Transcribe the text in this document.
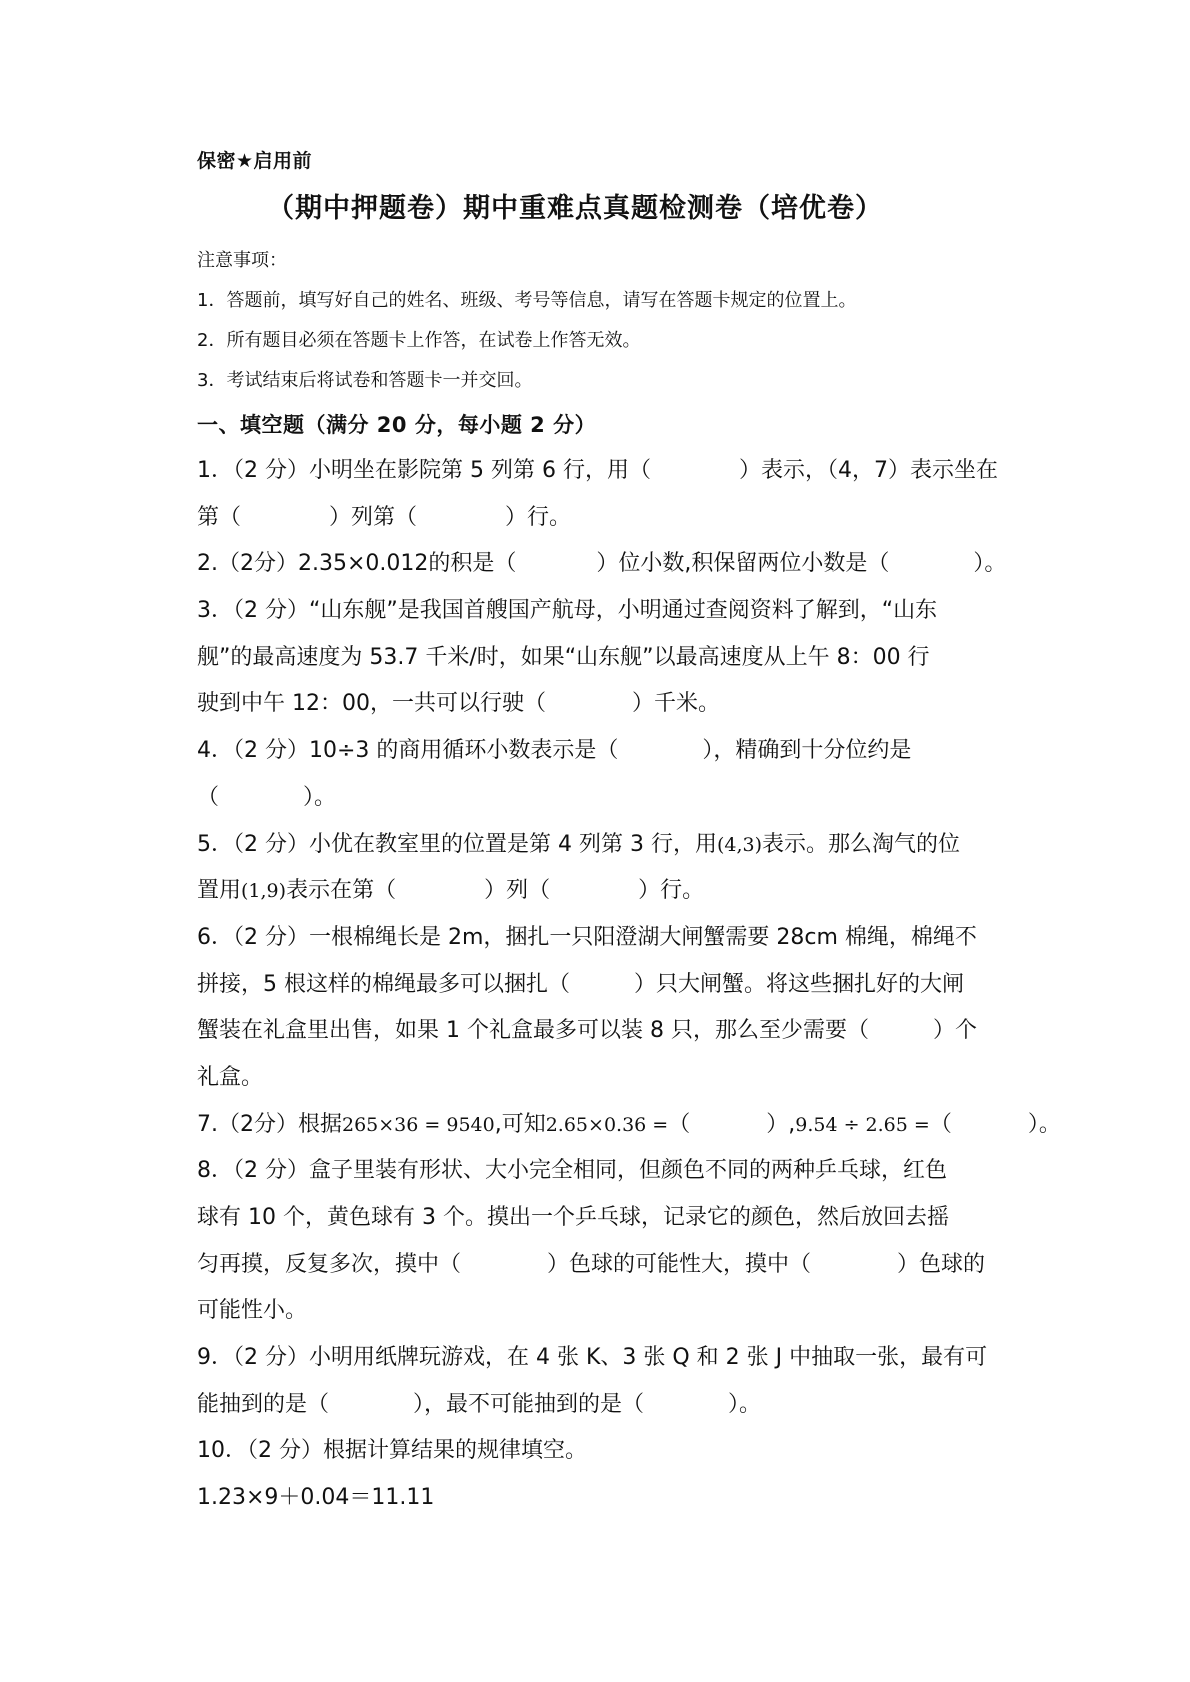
保密★启用前
（期中押题卷）期中重难点真题检测卷（培优卷）
注意事项：
1．答题前，填写好自己的姓名、班级、考号等信息，请写在答题卡规定的位置上。
2．所有题目必须在答题卡上作答，在试卷上作答无效。
3．考试结束后将试卷和答题卡一并交回。
一、填空题（满分 20 分，每小题 2 分）
1．（2 分）小明坐在影院第 5 列第 6 行，用（	）表示，（4，7）表示坐在
第（	）列第（	）行。
2.（2分）2.35×0.012的积是（	）位小数,积保留两位小数是（	）。
3．（2 分）“山东舰”是我国首艘国产航母，小明通过查阅资料了解到，“山东
舰”的最高速度为 53.7 千米/时，如果“山东舰”以最高速度从上午 8：00 行
驶到中午 12：00，一共可以行驶（	）千米。
4．（2 分）10÷3 的商用循环小数表示是（	），精确到十分位约是
（	）。
5．（2 分）小优在教室里的位置是第 4 列第 3 行，用(4,3)表示。那么淘气的位
置用(1,9)表示在第（	）列（	）行。
6．（2 分）一根棉绳长是 2m，捆扎一只阳澄湖大闸蟹需要 28cm 棉绳，棉绳不
拼接，5 根这样的棉绳最多可以捆扎（	）只大闸蟹。将这些捆扎好的大闸
蟹装在礼盒里出售，如果 1 个礼盒最多可以装 8 只，那么至少需要（	）个
礼盒。
7.（2分）根据265×36 = 9540,可知2.65×0.36 =（	）,9.54 ÷ 2.65 =（	）。
8．（2 分）盒子里装有形状、大小完全相同，但颜色不同的两种乒乓球，红色
球有 10 个，黄色球有 3 个。摸出一个乒乓球，记录它的颜色，然后放回去摇
匀再摸，反复多次，摸中（	）色球的可能性大，摸中（	）色球的
可能性小。
9．（2 分）小明用纸牌玩游戏，在 4 张 K、3 张 Q 和 2 张 J 中抽取一张，最有可
能抽到的是（	），最不可能抽到的是（	）。
10．（2 分）根据计算结果的规律填空。
1.23×9＋0.04＝11.11
